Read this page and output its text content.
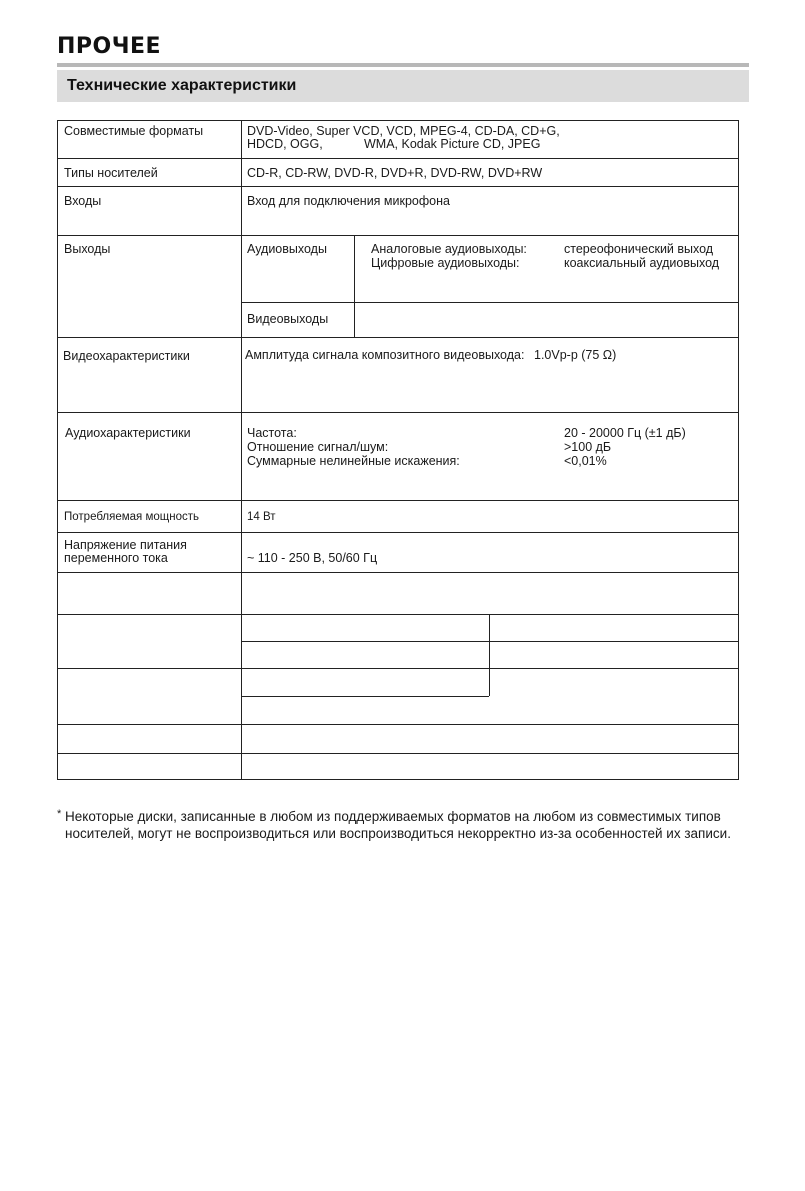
ПРОЧЕЕ
Технические характеристики
Совместимые форматы	DVD-Video, Super VCD, VCD, MPEG-4, CD-DA, CD+G,
HDCD, OGG,	WMA, Kodak Picture CD, JPEG
Типы носителей	CD-R, CD-RW, DVD-R, DVD+R, DVD-RW, DVD+RW
Входы	Вход для подключения микрофона
Выходы	Аудиовыходы	Аналоговые аудиовыходы:	стереофонический выход
Цифровые аудиовыходы:	коаксиальный аудиовыход
Видеовыходы
Видеохарактеристики	Амплитуда сигнала композитного видеовыхода: 1.0Vp-p (75 Ω)
Аудиохарактеристики	Частота:	20 - 20000 Гц (±1 дБ)
Отношение сигнал/шум:	>100 дБ
Суммарные нелинейные искажения:	<0,01%
Потребляемая мощность	14 Вт
Напряжение питания
переменного тока	~ 110 - 250 В, 50/60 Гц
* Некоторые диски, записанные в любом из поддерживаемых форматов на любом из совместимых типов носителей, могут не воспроизводиться или воспроизводиться некорректно из-за особенностей их записи.
